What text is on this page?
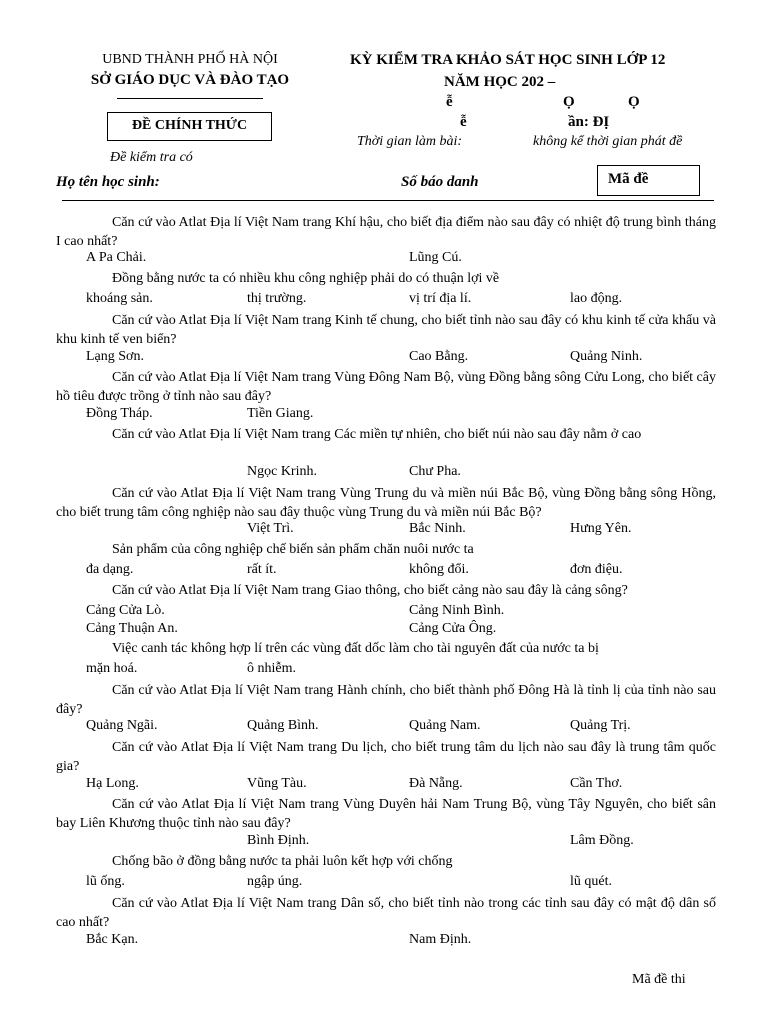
UBND THÀNH PHỐ HÀ NỘI
SỞ GIÁO DỤC VÀ ĐÀO TẠO
ĐỀ CHÍNH THỨC
Đề kiểm tra có
KỲ KIỂM TRA KHẢO SÁT HỌC SINH LỚP 12
NĂM HỌC 202 –
ễ	Ọ	Ọ
ễ	ần: ĐỊ
Thời gian làm bài:	không kể thời gian phát đề
Họ tên học sinh:	Số báo danh	Mã đề
Căn cứ vào Atlat Địa lí Việt Nam trang Khí hậu, cho biết địa điểm nào sau đây có nhiệt độ trung bình tháng I cao nhất?
A Pa Chải.	Lũng Cú.
Đồng bằng nước ta có nhiều khu công nghiệp phải do có thuận lợi về
khoáng sản.	thị trường.	vị trí địa lí.	lao động.
Căn cứ vào Atlat Địa lí Việt Nam trang Kinh tế chung, cho biết tỉnh nào sau đây có khu kinh tế cửa khẩu và khu kinh tế ven biển?
Lạng Sơn.	Cao Bằng.	Quảng Ninh.
Căn cứ vào Atlat Địa lí Việt Nam trang Vùng Đông Nam Bộ, vùng Đồng bằng sông Cửu Long, cho biết cây hồ tiêu được trồng ở tỉnh nào sau đây?
Đồng Tháp.	Tiền Giang.
Căn cứ vào Atlat Địa lí Việt Nam trang Các miền tự nhiên, cho biết núi nào sau đây nằm ở cao
Ngọc Krinh.	Chư Pha.
Căn cứ vào Atlat Địa lí Việt Nam trang Vùng Trung du và miền núi Bắc Bộ, vùng Đồng bằng sông Hồng, cho biết trung tâm công nghiệp nào sau đây thuộc vùng Trung du và miền núi Bắc Bộ?
Việt Trì.	Bắc Ninh.	Hưng Yên.
Sản phẩm của công nghiệp chế biến sản phẩm chăn nuôi nước ta
đa dạng.	rất ít.	không đổi.	đơn điệu.
Căn cứ vào Atlat Địa lí Việt Nam trang Giao thông, cho biết cảng nào sau đây là cảng sông?
Cảng Cửa Lò.	Cảng Ninh Bình.
Cảng Thuận An.	Cảng Cửa Ông.
Việc canh tác không hợp lí trên các vùng đất dốc làm cho tài nguyên đất của nước ta bị
mặn hoá.	ô nhiễm.
Căn cứ vào Atlat Địa lí Việt Nam trang Hành chính, cho biết thành phố Đông Hà là tỉnh lị của tỉnh nào sau đây?
Quảng Ngãi.	Quảng Bình.	Quảng Nam.	Quảng Trị.
Căn cứ vào Atlat Địa lí Việt Nam trang Du lịch, cho biết trung tâm du lịch nào sau đây là trung tâm quốc gia?
Hạ Long.	Vũng Tàu.	Đà Nẵng.	Cần Thơ.
Căn cứ vào Atlat Địa lí Việt Nam trang Vùng Duyên hải Nam Trung Bộ, vùng Tây Nguyên, cho biết sân bay Liên Khương thuộc tỉnh nào sau đây?
Bình Định.	Lâm Đồng.
Chống bão ở đồng bằng nước ta phải luôn kết hợp với chống
lũ ống.	ngập úng.	lũ quét.
Căn cứ vào Atlat Địa lí Việt Nam trang Dân số, cho biết tỉnh nào trong các tỉnh sau đây có mật độ dân số cao nhất?
Bắc Kạn.	Nam Định.
Mã đề thi
